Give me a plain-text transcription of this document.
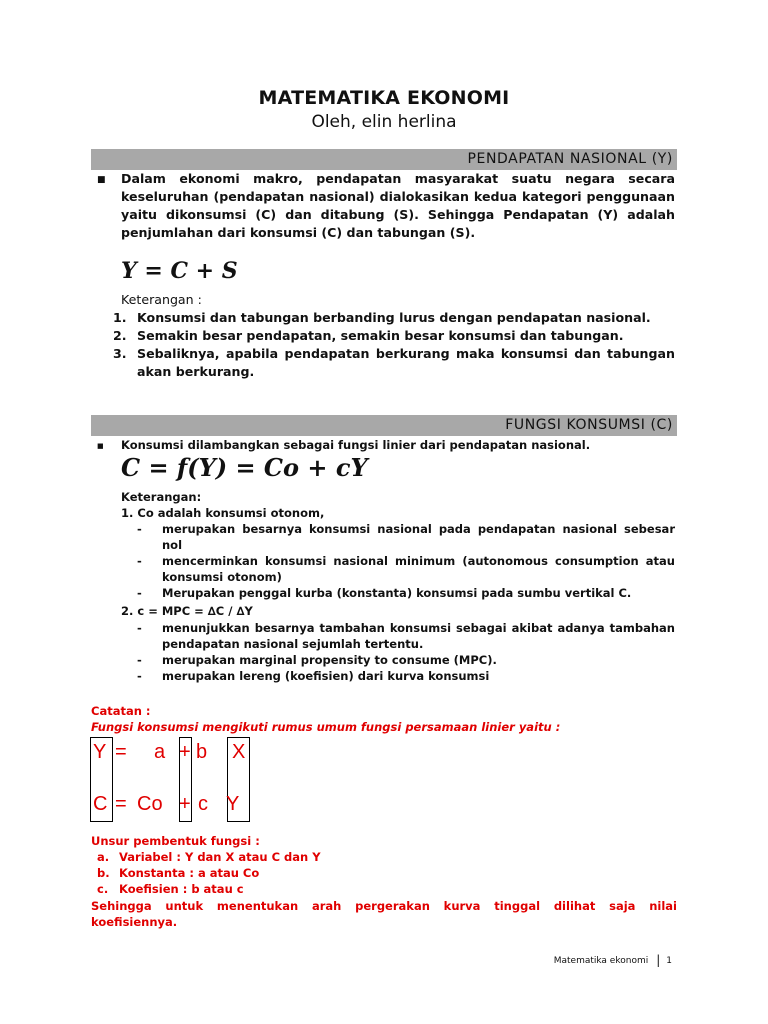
MATEMATIKA EKONOMI
Oleh, elin herlina
PENDAPATAN NASIONAL (Y)
■ Dalam ekonomi makro, pendapatan masyarakat suatu negara secara keseluruhan (pendapatan nasional) dialokasikan kedua kategori penggunaan yaitu dikonsumsi (C) dan ditabung (S). Sehingga Pendapatan (Y) adalah penjumlahan dari konsumsi (C) dan tabungan (S).
Y = C + S
Keterangan :
1. Konsumsi dan tabungan berbanding lurus dengan pendapatan nasional.
2. Semakin besar pendapatan, semakin besar konsumsi dan tabungan.
3. Sebaliknya, apabila pendapatan berkurang maka konsumsi dan tabungan akan berkurang.
FUNGSI KONSUMSI (C)
■ Konsumsi dilambangkan sebagai fungsi linier dari pendapatan nasional.
C = f(Y) = Co + cY
Keterangan:
1. Co adalah konsumsi otonom,
-	merupakan besarnya konsumsi nasional pada pendapatan nasional sebesar nol
-	mencerminkan konsumsi nasional minimum (autonomous consumption atau konsumsi otonom)
-	Merupakan penggal kurba (konstanta) konsumsi pada sumbu vertikal C.
2. c = MPC = ∆C / ∆Y
-	menunjukkan besarnya tambahan konsumsi sebagai akibat adanya tambahan pendapatan nasional sejumlah tertentu.
-	merupakan marginal propensity to consume (MPC).
-	merupakan lereng (koefisien) dari kurva konsumsi
Catatan :
Fungsi konsumsi mengikuti rumus umum fungsi persamaan linier yaitu :
Y = a + b X
C = Co + c Y
Unsur pembentuk fungsi :
a. Variabel : Y dan X atau C dan Y
b. Konstanta : a atau Co
c. Koefisien : b atau c
Sehingga untuk menentukan arah pergerakan kurva tinggal dilihat saja nilai koefisiennya.
Matematika ekonomi | 1
